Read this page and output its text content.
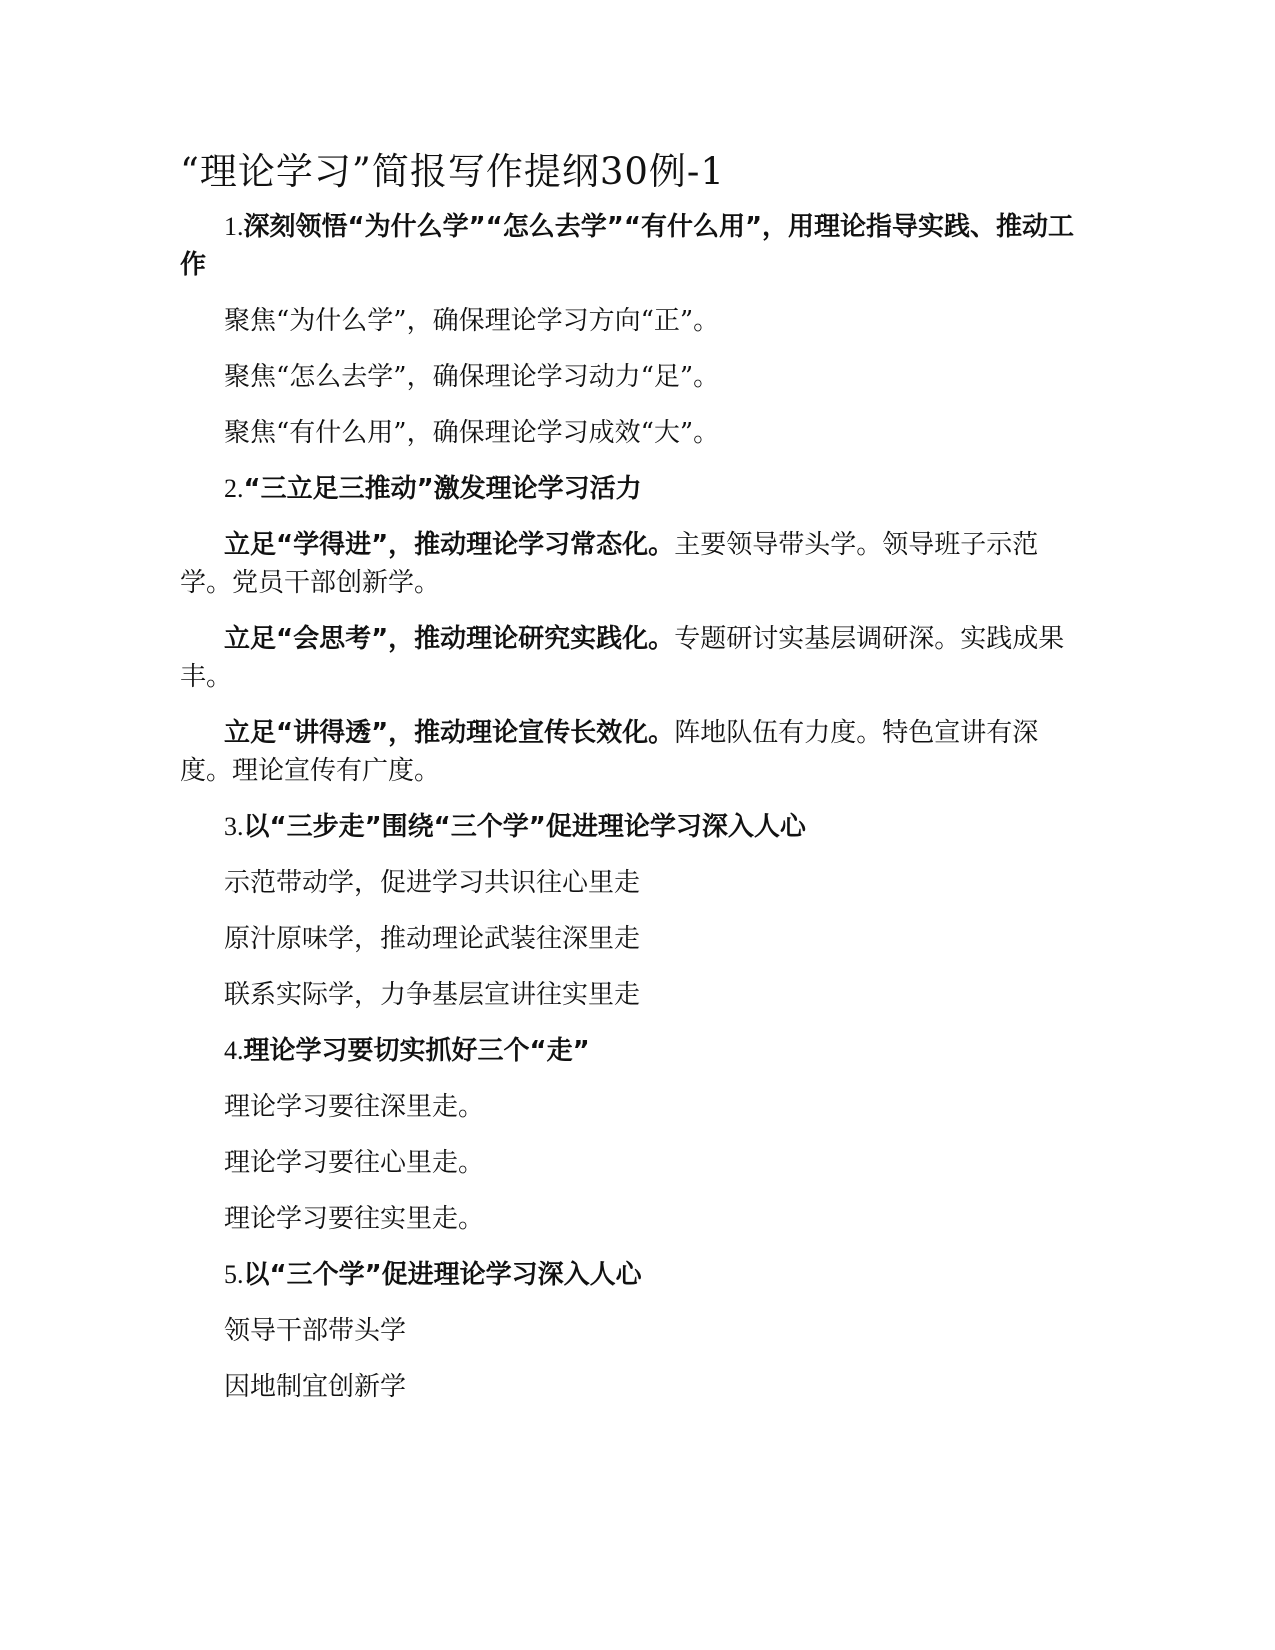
“理论学习”简报写作提纲30例-1

1.深刻领悟“为什么学”“怎么去学”“有什么用”，用理论指导实践、推动工作

聚焦“为什么学”，确保理论学习方向“正”。

聚焦“怎么去学”，确保理论学习动力“足”。

聚焦“有什么用”，确保理论学习成效“大”。

2.“三立足三推动”激发理论学习活力

立足“学得进”，推动理论学习常态化。主要领导带头学。领导班子示范学。党员干部创新学。

立足“会思考”，推动理论研究实践化。专题研讨实基层调研深。实践成果丰。

立足“讲得透”，推动理论宣传长效化。阵地队伍有力度。特色宣讲有深度。理论宣传有广度。

3.以“三步走”围绕“三个学”促进理论学习深入人心

示范带动学，促进学习共识往心里走

原汁原味学，推动理论武装往深里走

联系实际学，力争基层宣讲往实里走

4.理论学习要切实抓好三个“走”

理论学习要往深里走。

理论学习要往心里走。

理论学习要往实里走。

5.以“三个学”促进理论学习深入人心

领导干部带头学

因地制宜创新学
